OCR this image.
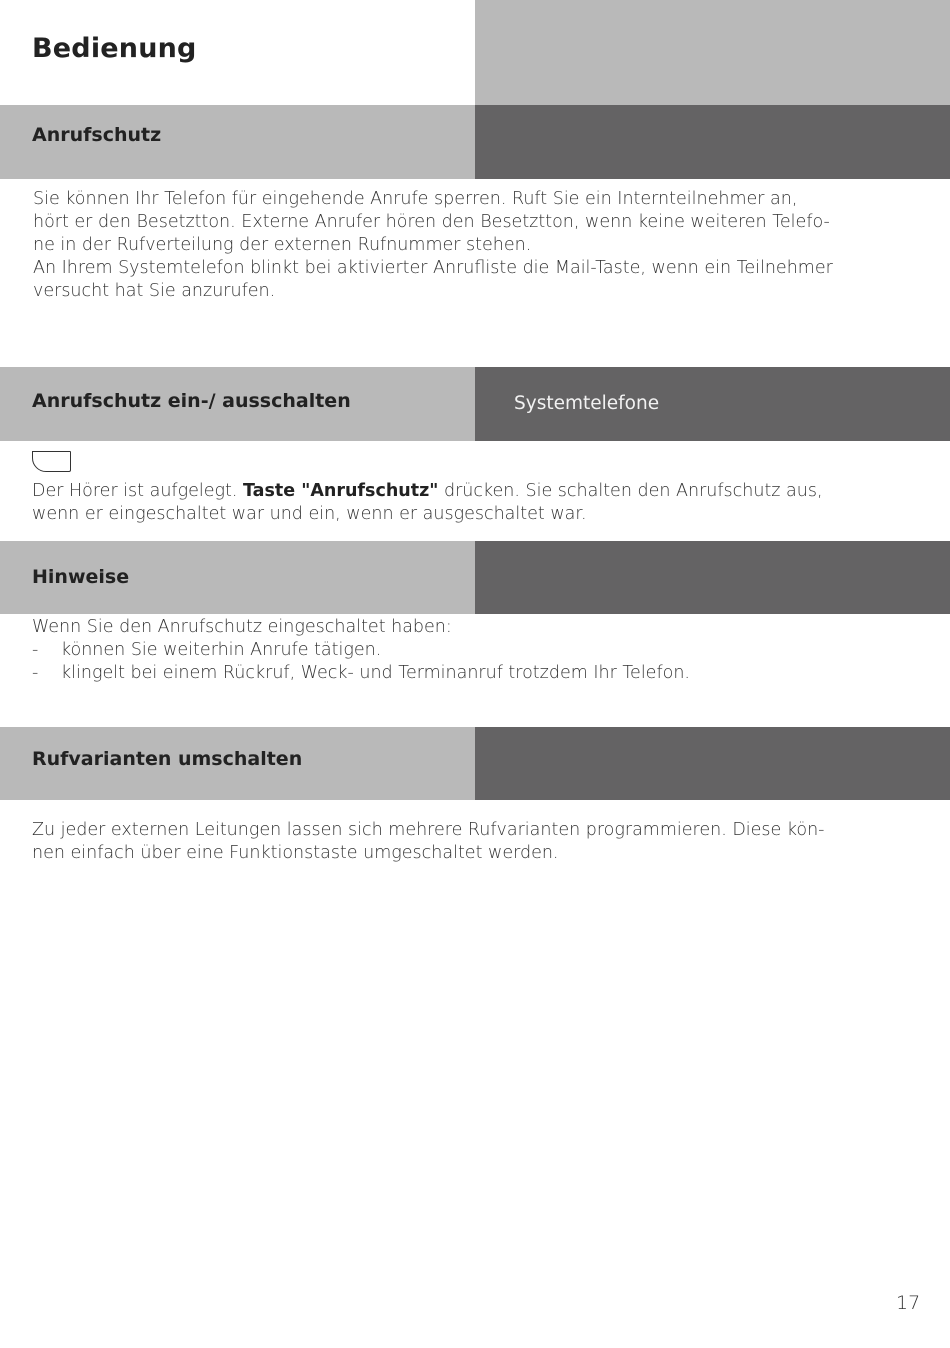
Bedienung
Anrufschutz
Sie können Ihr Telefon für eingehende Anrufe sperren. Ruft Sie ein Internteilnehmer an,
hört er den Besetztton. Externe Anrufer hören den Besetztton, wenn keine weiteren Telefo-
ne in der Rufverteilung der externen Rufnummer stehen.
An Ihrem Systemtelefon blinkt bei aktivierter Anrufliste die Mail-Taste, wenn ein Teilnehmer
versucht hat Sie anzurufen.
Anrufschutz ein-/ ausschalten	Systemtelefone
Der Hörer ist aufgelegt. Taste "Anrufschutz" drücken. Sie schalten den Anrufschutz aus,
wenn er eingeschaltet war und ein, wenn er ausgeschaltet war.
Hinweise
Wenn Sie den Anrufschutz eingeschaltet haben:
-	können Sie weiterhin Anrufe tätigen.
-	klingelt bei einem Rückruf, Weck- und Terminanruf trotzdem Ihr Telefon.
Rufvarianten umschalten
Zu jeder externen Leitungen lassen sich mehrere Rufvarianten programmieren. Diese kön-
nen einfach über eine Funktionstaste umgeschaltet werden.
17
